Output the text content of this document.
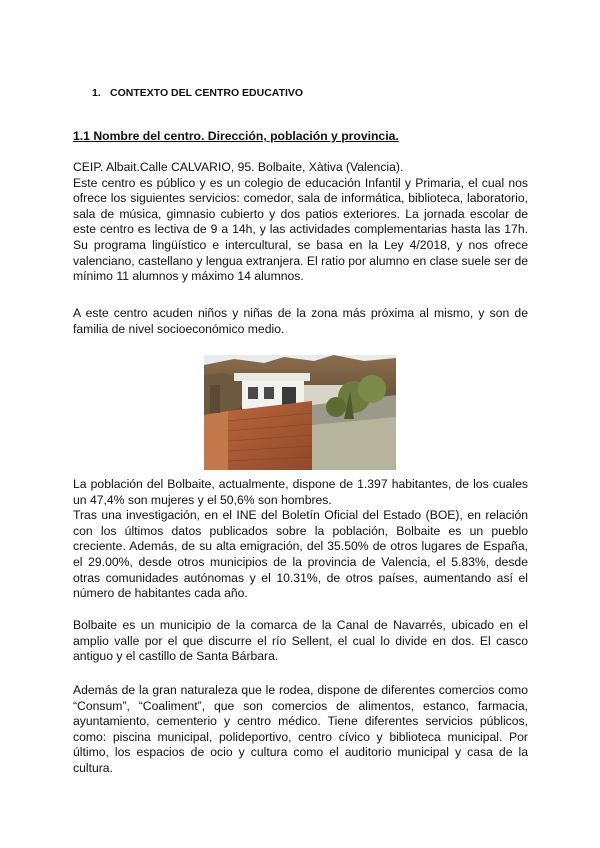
1. CONTEXTO DEL CENTRO EDUCATIVO
1.1 Nombre del centro. Dirección, población y provincia.
CEIP. Albait.Calle CALVARIO, 95. Bolbaite, Xàtiva (Valencia).
Este centro es público y es un colegio de educación Infantil y Primaria, el cual nos ofrece los siguientes servicios: comedor, sala de informática, biblioteca, laboratorio, sala de música, gimnasio cubierto y dos patios exteriores. La jornada escolar de este centro es lectiva de 9 a 14h, y las actividades complementarias hasta las 17h. Su programa lingüístico e intercultural, se basa en la Ley 4/2018, y nos ofrece valenciano, castellano y lengua extranjera. El ratio por alumno en clase suele ser de mínimo 11 alumnos y máximo 14 alumnos.
A este centro acuden niños y niñas de la zona más próxima al mismo, y son de familia de nivel socioeconómico medio.
La población del Bolbaite, actualmente, dispone de 1.397 habitantes, de los cuales un 47,4% son mujeres y el 50,6% son hombres.
Tras una investigación, en el INE del Boletín Oficial del Estado (BOE), en relación con los últimos datos publicados sobre la población, Bolbaite es un pueblo creciente. Además, de su alta emigración, del 35.50% de otros lugares de España, el 29.00%, desde otros municipios de la provincia de Valencia, el 5.83%, desde otras comunidades autónomas y el 10.31%, de otros países, aumentando así el número de habitantes cada año.
Bolbaite es un municipio de la comarca de la Canal de Navarrés, ubicado en el amplio valle por el que discurre el río Sellent, el cual lo divide en dos. El casco antiguo y el castillo de Santa Bárbara.
Además de la gran naturaleza que le rodea, dispone de diferentes comercios como “Consum”, “Coaliment”, que son comercios de alimentos, estanco, farmacia, ayuntamiento, cementerio y centro médico. Tiene diferentes servicios públicos, como: piscina municipal, polideportivo, centro cívico y biblioteca municipal. Por último, los espacios de ocio y cultura como el auditorio municipal y casa de la cultura.
